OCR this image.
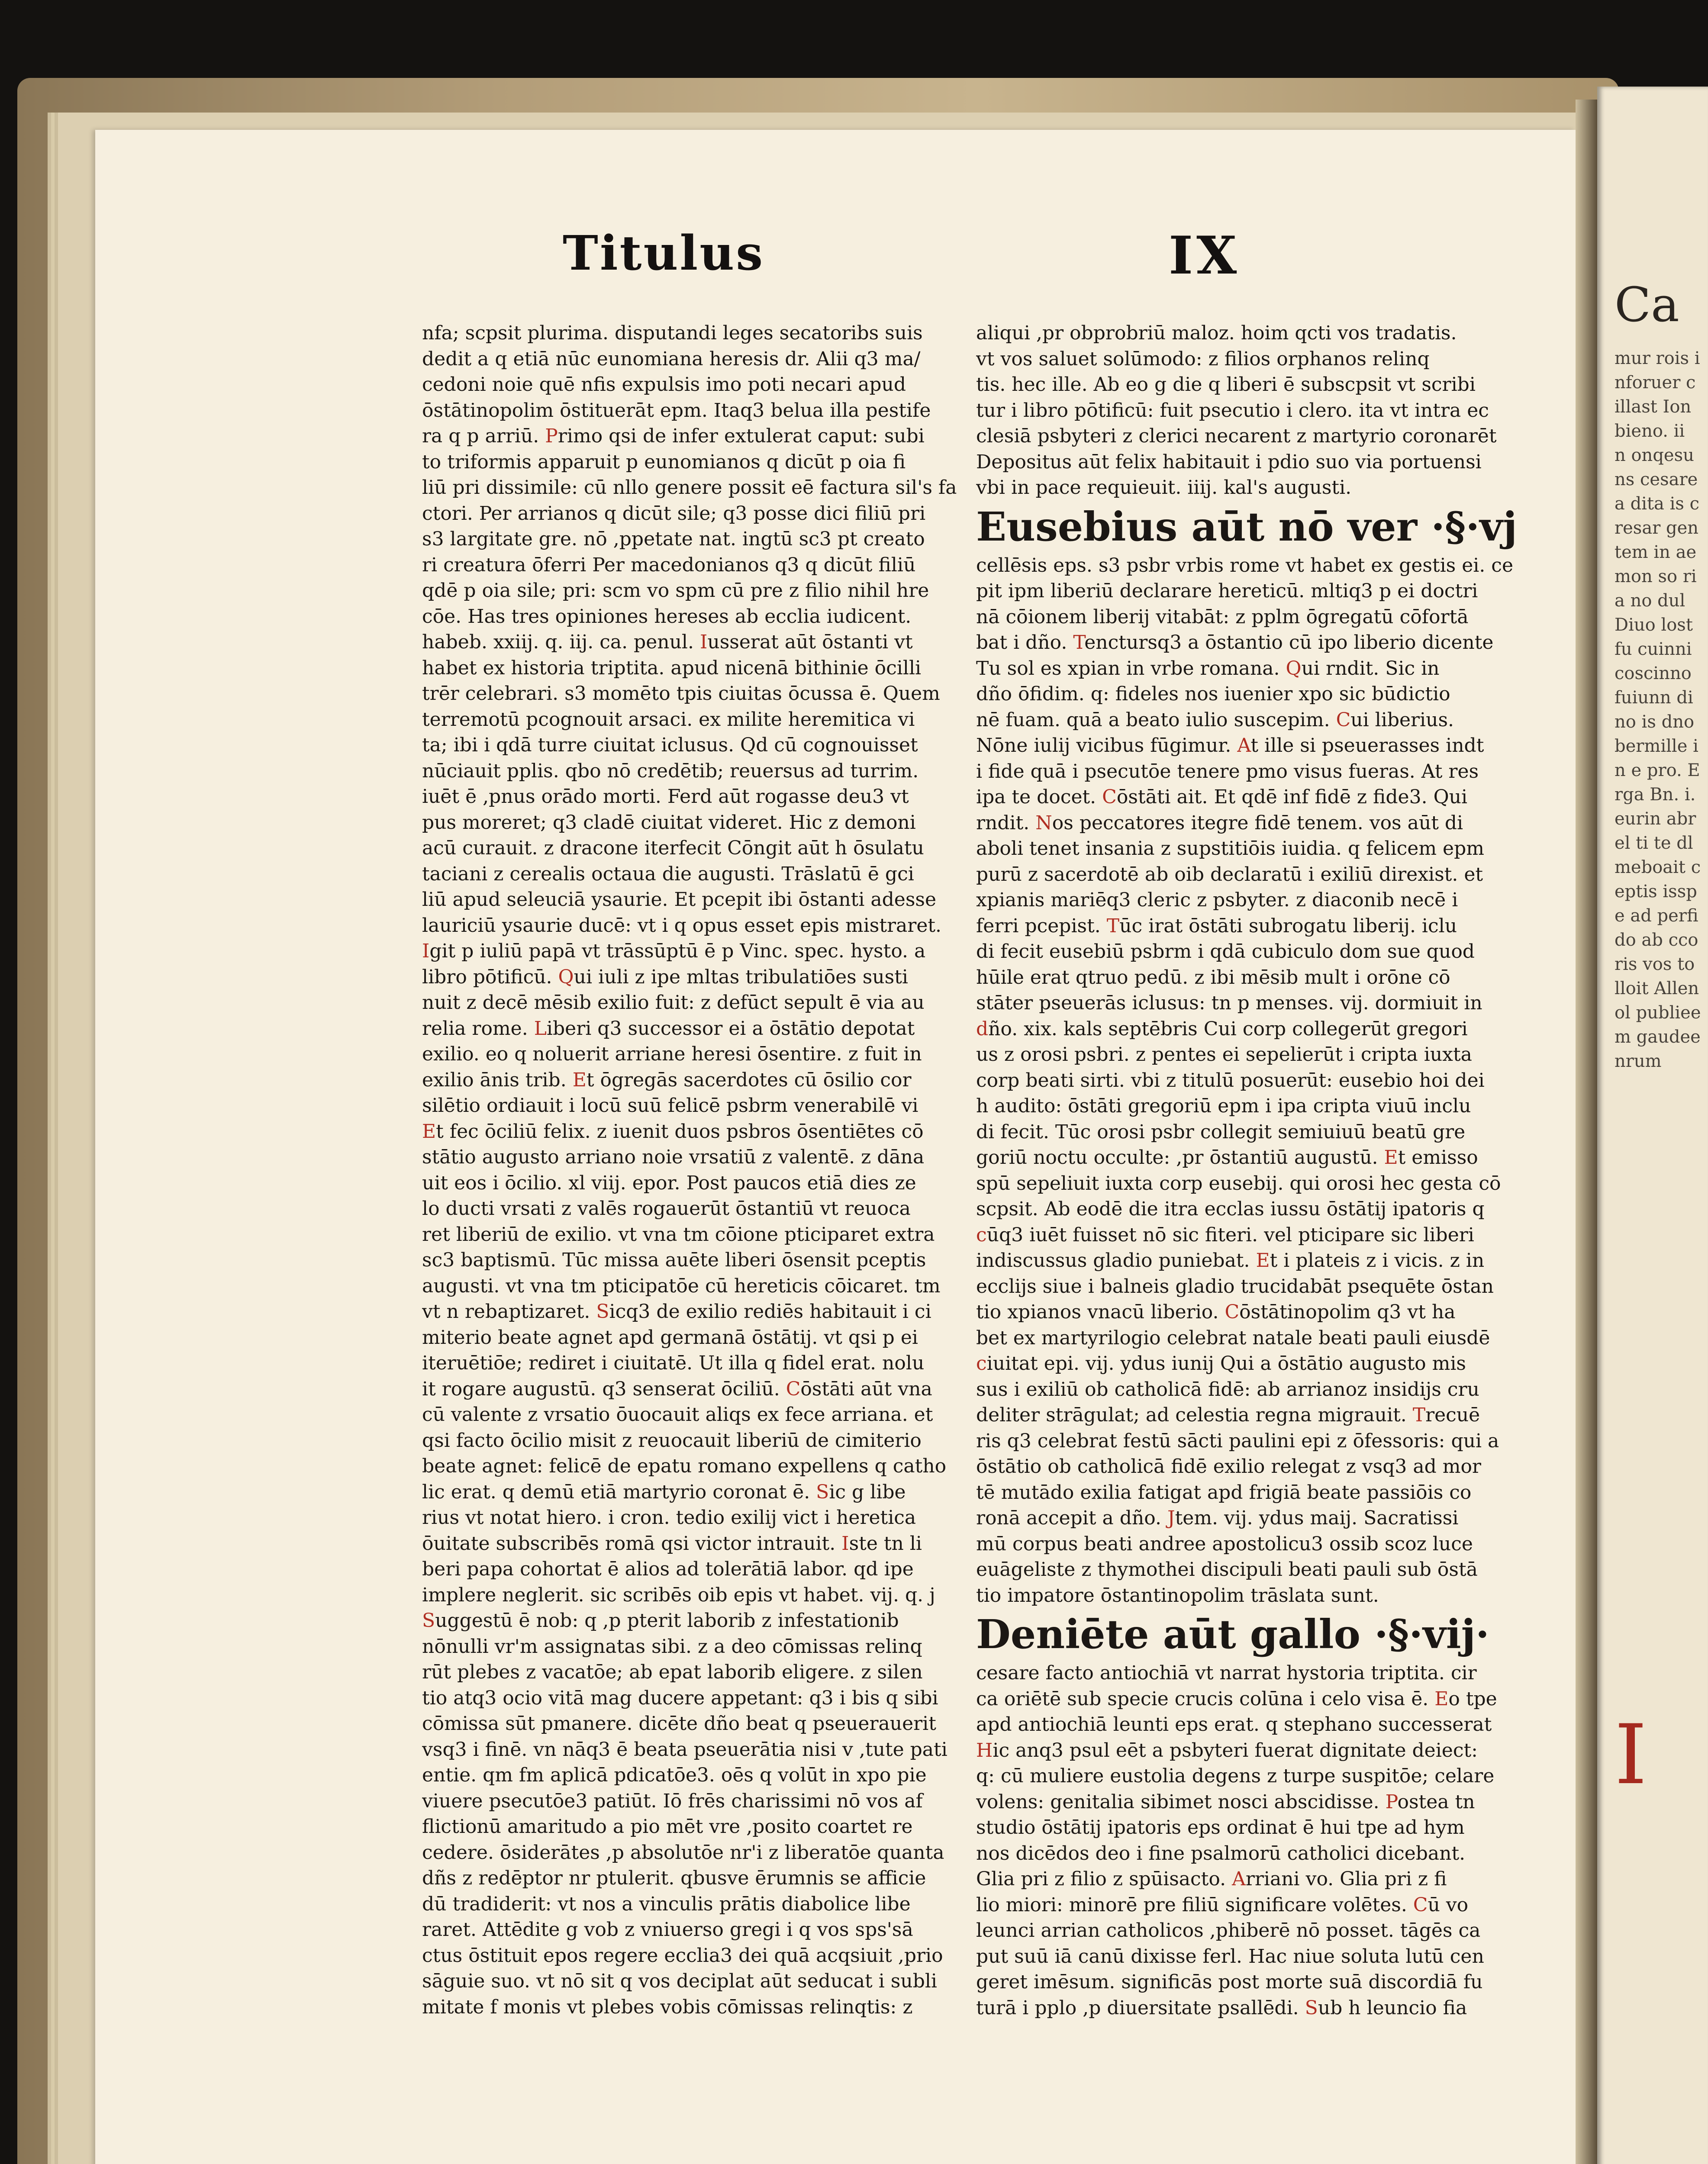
Ca
mur rois inforuer cillast Ion bieno. ii n onqesuns cesarea dita is cresar gentem in aemon so ria no dul Diuo lost fu cuinni coscinno fuiunn dino is dno bermille in e pro. Erga Bn. i. eurin abrel ti te dlmeboait ceptis isspe ad perfido ab ccoris vos to lloit Allenol publiee m gaudeenrum
I
Titulus	IX
nfa; scpsit plurima. disputandi leges secatoribs suis
dedit a q etiā nūc eunomiana heresis dr. Alii q3 ma/
cedoni noie quē nfis expulsis imo poti necari apud
ōstātinopolim ōstituerāt epm. Itaq3 belua illa pestife
ra q p arriū. Primo qsi de infer extulerat caput: subi
to triformis apparuit p eunomianos q dicūt p oia fi
liū pri dissimile: cū nllo genere possit eē factura sil's fa
ctori. Per arrianos q dicūt sile; q3 posse dici filiū pri
s3 largitate gre. nō ,ppetate nat. ingtū sc3 pt creato
ri creatura ōferri Per macedonianos q3 q dicūt filiū
qdē p oia sile; pri: scm vo spm cū pre z filio nihil hre
cōe. Has tres opiniones hereses ab ecclia iudicent.
habeb. xxiij. q. iij. ca. penul. Iusserat aūt ōstanti vt
habet ex historia triptita. apud nicenā bithinie ōcilli
trēr celebrari. s3 momēto tpis ciuitas ōcussa ē. Quem
terremotū pcognouit arsaci. ex milite heremitica vi
ta; ibi i qdā turre ciuitat iclusus. Qd cū cognouisset
nūciauit pplis. qbo nō credētib; reuersus ad turrim.
iuēt ē ,pnus orādo morti. Ferd aūt rogasse deu3 vt
pus moreret; q3 cladē ciuitat videret. Hic z demoni
acū curauit. z dracone iterfecit Cōngit aūt h ōsulatu
taciani z cerealis octaua die augusti. Trāslatū ē gci
liū apud seleuciā ysaurie. Et pcepit ibi ōstanti adesse
lauriciū ysaurie ducē: vt i q opus esset epis mistraret.
Igit p iuliū papā vt trāssūptū ē p Vinc. spec. hysto. a
libro pōtificū. Qui iuli z ipe mltas tribulatiōes susti
nuit z decē mēsib exilio fuit: z defūct sepult ē via au
relia rome. Liberi q3 successor ei a ōstātio depotat
exilio. eo q noluerit arriane heresi ōsentire. z fuit in
exilio ānis trib. Et ōgregās sacerdotes cū ōsilio cor
silētio ordiauit i locū suū felicē psbrm venerabilē vi
Et fec ōciliū felix. z iuenit duos psbros ōsentiētes cō
stātio augusto arriano noie vrsatiū z valentē. z dāna
uit eos i ōcilio. xl viij. epor. Post paucos etiā dies ze
lo ducti vrsati z valēs rogauerūt ōstantiū vt reuoca
ret liberiū de exilio. vt vna tm cōione pticiparet extra
sc3 baptismū. Tūc missa auēte liberi ōsensit pceptis
augusti. vt vna tm pticipatōe cū hereticis cōicaret. tm
vt n rebaptizaret. Sicq3 de exilio rediēs habitauit i ci
miterio beate agnet apd germanā ōstātij. vt qsi p ei
iteruētiōe; rediret i ciuitatē. Ut illa q fidel erat. nolu
it rogare augustū. q3 senserat ōciliū. Cōstāti aūt vna
cū valente z vrsatio ōuocauit aliqs ex fece arriana. et
qsi facto ōcilio misit z reuocauit liberiū de cimiterio
beate agnet: felicē de epatu romano expellens q catho
lic erat. q demū etiā martyrio coronat ē. Sic g libe
rius vt notat hiero. i cron. tedio exilij vict i heretica
ōuitate subscribēs romā qsi victor intrauit. Iste tn li
beri papa cohortat ē alios ad tolerātiā labor. qd ipe
implere neglerit. sic scribēs oib epis vt habet. vij. q. j
Suggestū ē nob: q ,p pterit laborib z infestationib
nōnulli vr'm assignatas sibi. z a deo cōmissas relinq
rūt plebes z vacatōe; ab epat laborib eligere. z silen
tio atq3 ocio vitā mag ducere appetant: q3 i bis q sibi
cōmissa sūt pmanere. dicēte dño beat q pseuerauerit
vsq3 i finē. vn nāq3 ē beata pseuerātia nisi v ,tute pati
entie. qm fm aplicā pdicatōe3. oēs q volūt in xpo pie
viuere psecutōe3 patiūt. Iō frēs charissimi nō vos af
flictionū amaritudo a pio mēt vre ,posito coartet re
cedere. ōsiderātes ,p absolutōe nr'i z liberatōe quanta
dñs z redēptor nr ptulerit. qbusve ērumnis se afficie
dū tradiderit: vt nos a vinculis prātis diabolice libe
raret. Attēdite g vob z vniuerso gregi i q vos sps'sā
ctus ōstituit epos regere ecclia3 dei quā acqsiuit ,prio
sāguie suo. vt nō sit q vos deciplat aūt seducat i subli
mitate f monis vt plebes vobis cōmissas relinqtis: z
aliqui ,pr obprobriū maloz. hoim qcti vos tradatis.
vt vos saluet solūmodo: z filios orphanos relinq
tis. hec ille. Ab eo g die q liberi ē subscpsit vt scribi
tur i libro pōtificū: fuit psecutio i clero. ita vt intra ec
clesiā psbyteri z clerici necarent z martyrio coronarēt
Depositus aūt felix habitauit i pdio suo via portuensi
vbi in pace requieuit. iiij. kal's augusti.
Eusebius aūt nō ver ·§·vj
cellēsis eps. s3 psbr vrbis rome vt habet ex gestis ei. ce
pit ipm liberiū declarare hereticū. mltiq3 p ei doctri
nā cōionem liberij vitabāt: z pplm ōgregatū cōfortā
bat i dño. Tenctursq3 a ōstantio cū ipo liberio dicente
Tu sol es xpian in vrbe romana. Qui rndit. Sic in
dño ōfidim. q: fideles nos iuenier xpo sic būdictio
nē fuam. quā a beato iulio suscepim. Cui liberius.
Nōne iulij vicibus fūgimur. At ille si pseuerasses indt
i fide quā i psecutōe tenere pmo visus fueras. At res
ipa te docet. Cōstāti ait. Et qdē inf fidē z fide3. Qui
rndit. Nos peccatores itegre fidē tenem. vos aūt di
aboli tenet insania z supstitiōis iuidia. q felicem epm
purū z sacerdotē ab oib declaratū i exiliū direxist. et
xpianis mariēq3 cleric z psbyter. z diaconib necē i
ferri pcepist. Tūc irat ōstāti subrogatu liberij. iclu
di fecit eusebiū psbrm i qdā cubiculo dom sue quod
hūile erat qtruo pedū. z ibi mēsib mult i orōne cō
stāter pseuerās iclusus: tn p menses. vij. dormiuit in
dño. xix. kals septēbris Cui corp collegerūt gregori
us z orosi psbri. z pentes ei sepelierūt i cripta iuxta
corp beati sirti. vbi z titulū posuerūt: eusebio hoi dei
h audito: ōstāti gregoriū epm i ipa cripta viuū inclu
di fecit. Tūc orosi psbr collegit semiuiuū beatū gre
goriū noctu occulte: ,pr ōstantiū augustū. Et emisso
spū sepeliuit iuxta corp eusebij. qui orosi hec gesta cō
scpsit. Ab eodē die itra ecclas iussu ōstātij ipatoris q
cūq3 iuēt fuisset nō sic fiteri. vel pticipare sic liberi
indiscussus gladio puniebat. Et i plateis z i vicis. z in
ecclijs siue i balneis gladio trucidabāt psequēte ōstan
tio xpianos vnacū liberio. Cōstātinopolim q3 vt ha
bet ex martyrilogio celebrat natale beati pauli eiusdē
ciuitat epi. vij. ydus iunij Qui a ōstātio augusto mis
sus i exiliū ob catholicā fidē: ab arrianoz insidijs cru
deliter strāgulat; ad celestia regna migrauit. Trecuē
ris q3 celebrat festū sācti paulini epi z ōfessoris: qui a
ōstātio ob catholicā fidē exilio relegat z vsq3 ad mor
tē mutādo exilia fatigat apd frigiā beate passiōis co
ronā accepit a dño. Jtem. vij. ydus maij. Sacratissi
mū corpus beati andree apostolicu3 ossib scoz luce
euāgeliste z thymothei discipuli beati pauli sub ōstā
tio impatore ōstantinopolim trāslata sunt.
Deniēte aūt gallo ·§·vij·
cesare facto antiochiā vt narrat hystoria triptita. cir
ca oriētē sub specie crucis colūna i celo visa ē. Eo tpe
apd antiochiā leunti eps erat. q stephano successerat
Hic anq3 psul eēt a psbyteri fuerat dignitate deiect:
q: cū muliere eustolia degens z turpe suspitōe; celare
volens: genitalia sibimet nosci abscidisse. Postea tn
studio ōstātij ipatoris eps ordinat ē hui tpe ad hym
nos dicēdos deo i fine psalmorū catholici dicebant.
Glia pri z filio z spūisacto. Arriani vo. Glia pri z fi
lio miori: minorē pre filiū significare volētes. Cū vo
leunci arrian catholicos ,phiberē nō posset. tāgēs ca
put suū iā canū dixisse ferl. Hac niue soluta lutū cen
geret imēsum. significās post morte suā discordiā fu
turā i pplo ,p diuersitate psallēdi. Sub h leuncio fia
